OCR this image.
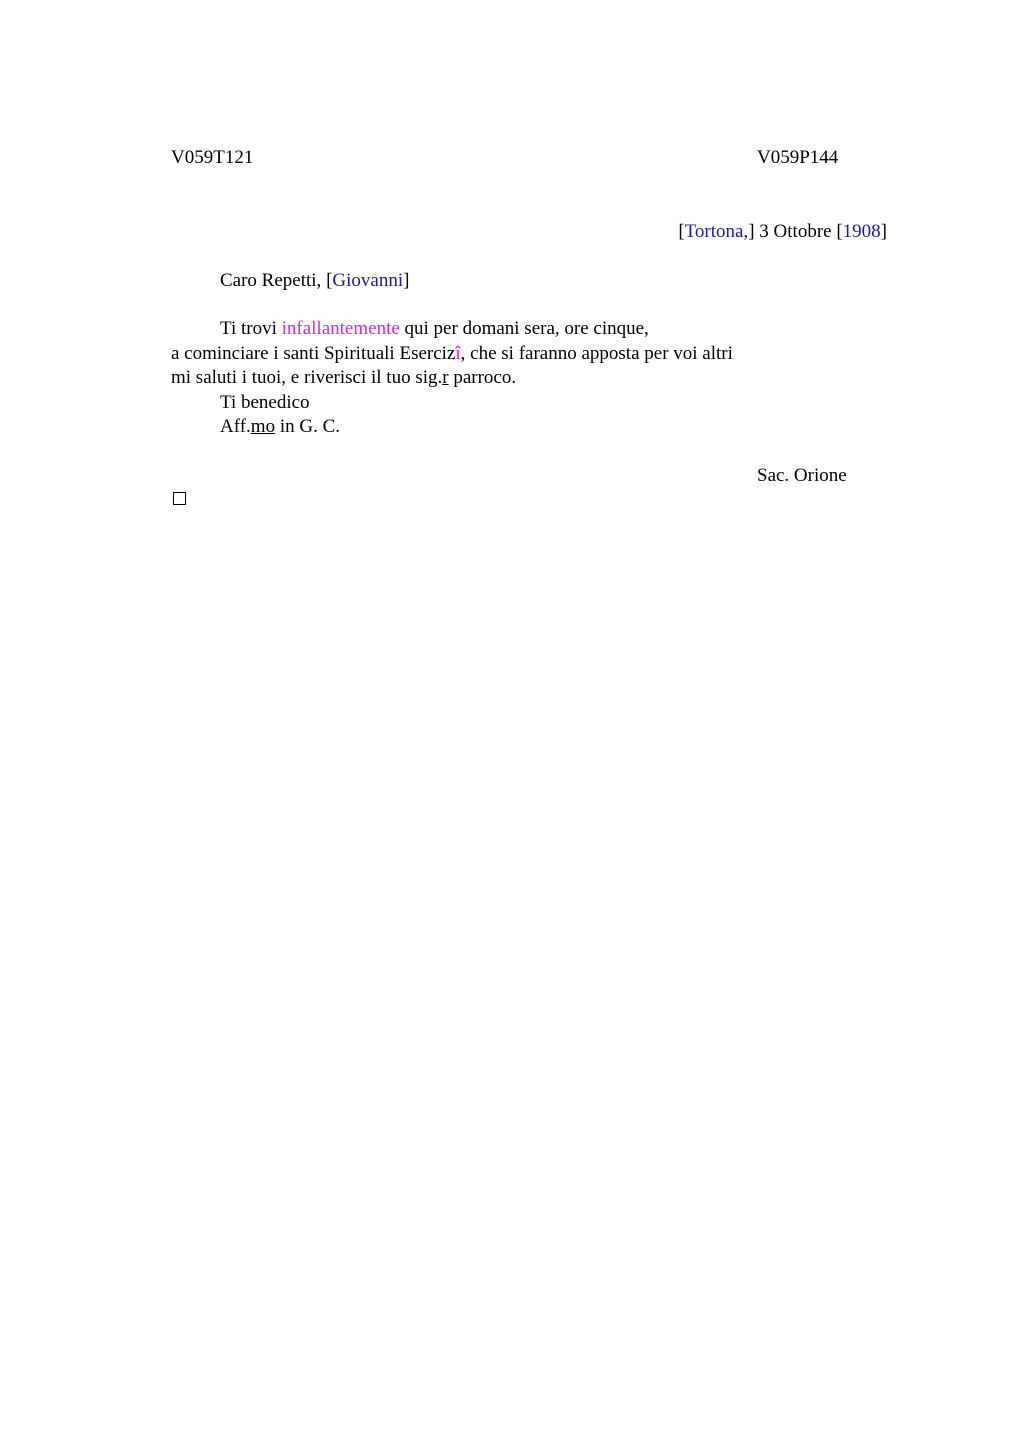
V059T121	V059P144
[Tortona,] 3 Ottobre [1908]
Caro Repetti, [Giovanni]
Ti trovi infallantemente qui per domani sera, ore cinque,
a cominciare i santi Spirituali Esercizî, che si faranno apposta per voi altri
mi saluti i tuoi, e riverisci il tuo sig.r parroco.
Ti benedico
Aff.mo in G. C.
Sac. Orione
